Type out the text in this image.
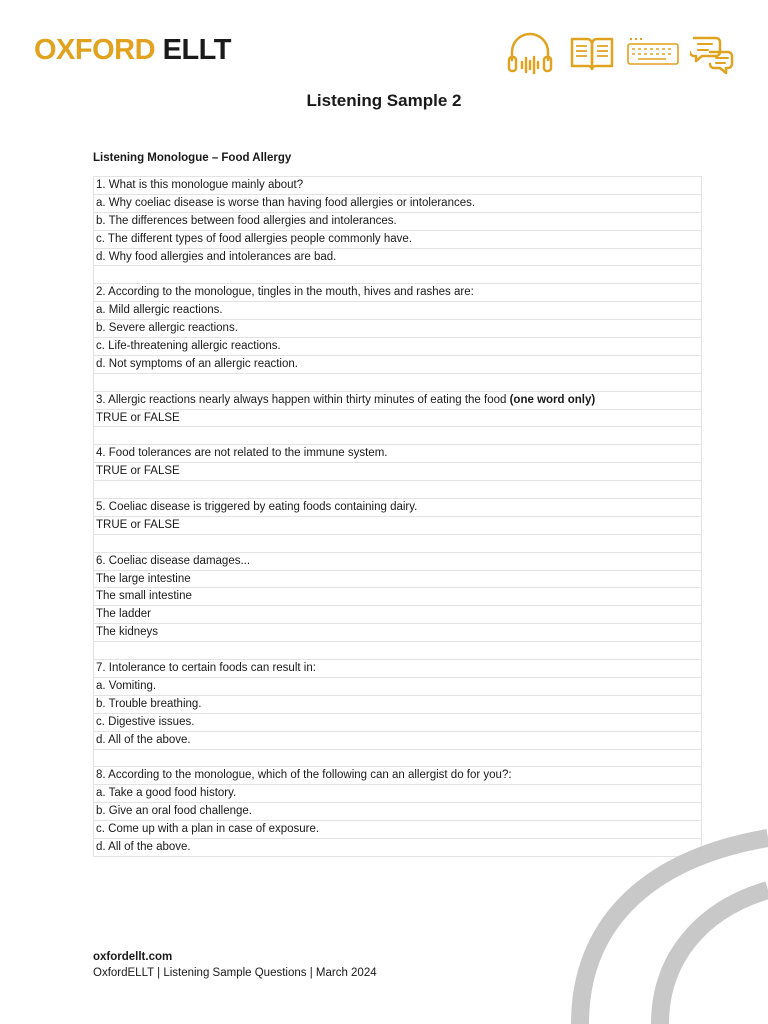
OXFORD ELLT
Listening Sample 2
Listening Monologue – Food Allergy
1. What is this monologue mainly about?
a. Why coeliac disease is worse than having food allergies or intolerances.
b. The differences between food allergies and intolerances.
c. The different types of food allergies people commonly have.
d. Why food allergies and intolerances are bad.
2. According to the monologue, tingles in the mouth, hives and rashes are:
a. Mild allergic reactions.
b. Severe allergic reactions.
c. Life-threatening allergic reactions.
d. Not symptoms of an allergic reaction.
3. Allergic reactions nearly always happen within thirty minutes of eating the food (one word only)
TRUE or FALSE
4. Food tolerances are not related to the immune system.
TRUE or FALSE
5. Coeliac disease is triggered by eating foods containing dairy.
TRUE or FALSE
6. Coeliac disease damages...
The large intestine
The small intestine
The ladder
The kidneys
7. Intolerance to certain foods can result in:
a. Vomiting.
b. Trouble breathing.
c. Digestive issues.
d. All of the above.
8. According to the monologue, which of the following can an allergist do for you?:
a. Take a good food history.
b. Give an oral food challenge.
c. Come up with a plan in case of exposure.
d. All of the above.
oxfordellt.com
OxfordELLT | Listening Sample Questions | March 2024
